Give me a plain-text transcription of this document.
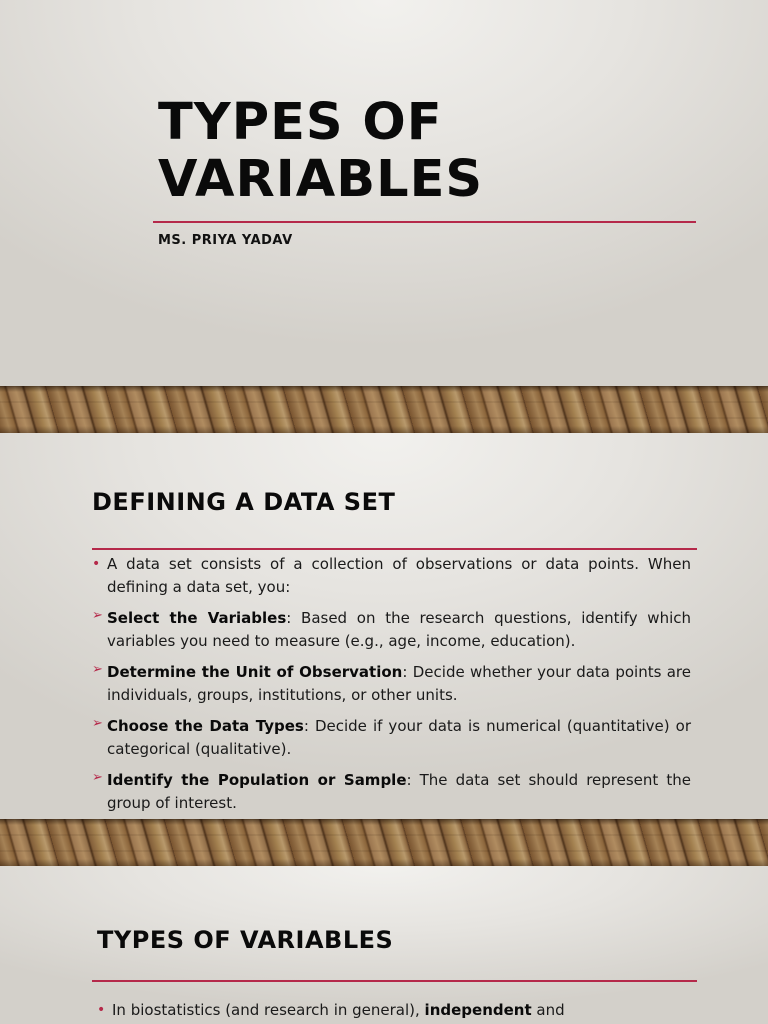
TYPES OF
VARIABLES
MS. PRIYA YADAV
DEFINING A DATA SET
• A data set consists of a collection of observations or data points. When defining a data set, you:
➢ Select the Variables: Based on the research questions, identify which variables you need to measure (e.g., age, income, education).
➢ Determine the Unit of Observation: Decide whether your data points are individuals, groups, institutions, or other units.
➢ Choose the Data Types: Decide if your data is numerical (quantitative) or categorical (qualitative).
➢ Identify the Population or Sample: The data set should represent the group of interest.
TYPES OF VARIABLES
• In biostatistics (and research in general), independent and
